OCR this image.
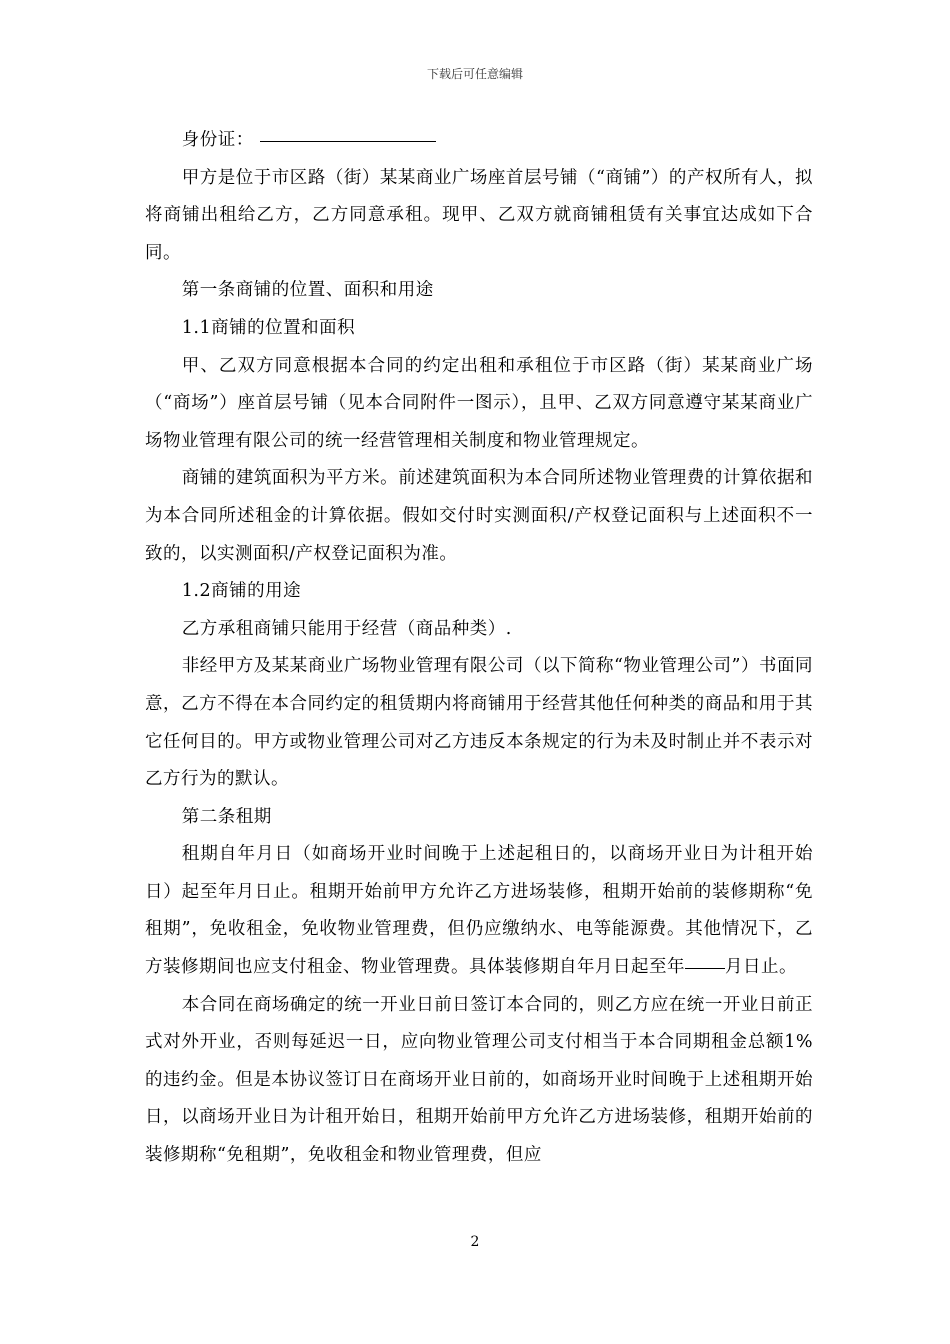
下载后可任意编辑

身份证：

甲方是位于市区路（街）某某商业广场座首层号铺（“商铺”）的产权所有人，拟将商铺出租给乙方，乙方同意承租。现甲、乙双方就商铺租赁有关事宜达成如下合同。

第一条商铺的位置、面积和用途

1.1商铺的位置和面积

甲、乙双方同意根据本合同的约定出租和承租位于市区路（街）某某商业广场（“商场”）座首层号铺（见本合同附件一图示），且甲、乙双方同意遵守某某商业广场物业管理有限公司的统一经营管理相关制度和物业管理规定。

商铺的建筑面积为平方米。前述建筑面积为本合同所述物业管理费的计算依据和为本合同所述租金的计算依据。假如交付时实测面积/产权登记面积与上述面积不一致的，以实测面积/产权登记面积为准。

1.2商铺的用途

乙方承租商铺只能用于经营（商品种类）.

非经甲方及某某商业广场物业管理有限公司（以下简称“物业管理公司”）书面同意，乙方不得在本合同约定的租赁期内将商铺用于经营其他任何种类的商品和用于其它任何目的。甲方或物业管理公司对乙方违反本条规定的行为未及时制止并不表示对乙方行为的默认。

第二条租期

租期自年月日（如商场开业时间晚于上述起租日的，以商场开业日为计租开始日）起至年月日止。租期开始前甲方允许乙方进场装修，租期开始前的装修期称“免租期”，免收租金，免收物业管理费，但仍应缴纳水、电等能源费。其他情况下，乙方装修期间也应支付租金、物业管理费。具体装修期自年月日起至年 月日止。

本合同在商场确定的统一开业日前日签订本合同的，则乙方应在统一开业日前正式对外开业，否则每延迟一日，应向物业管理公司支付相当于本合同期租金总额1%的违约金。但是本协议签订日在商场开业日前的，如商场开业时间晚于上述租期开始日，以商场开业日为计租开始日，租期开始前甲方允许乙方进场装修，租期开始前的装修期称“免租期”，免收租金和物业管理费，但应

2
